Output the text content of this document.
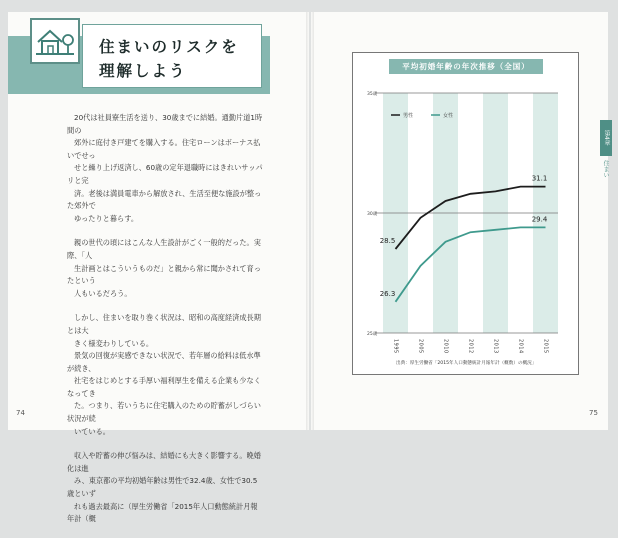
住まいのリスクを
理解しよう
20代は社員寮生活を送り、30歳までに結婚。通勤片道1時間の
郊外に庭付き戸建てを購入する。住宅ローンはボーナス払いでせっ
せと繰り上げ返済し、60歳の定年退職時にはきれいサッパリと完
済。老後は満員電車から解放され、生活至便な施設が整った郊外で
ゆったりと暮らす。
親の世代の頃にはこんな人生設計がごく一般的だった。実際、「人
生計画とはこういうものだ」と親から常に聞かされて育ったという
人もいるだろう。
しかし、住まいを取り巻く状況は、昭和の高度経済成長期とは大
きく様変わりしている。
景気の回復が実感できない状況で、若年層の給料は低水準が続き、
社宅をはじめとする手厚い福利厚生を備える企業も少なくなってき
た。つまり、若いうちに住宅購入のための貯蓄がしづらい状況が続
いている。
収入や貯蓄の伸び悩みは、結婚にも大きく影響する。晩婚化は進
み、東京都の平均初婚年齢は男性で32.4歳、女性で30.5歳といず
れも過去最高に（厚生労働省「2015年人口動態統計月報年計（概
74	75
第4章
住まい
平均初婚年齢の年次推移（全国）
25歳
30歳
35歳
1995	2005	2010	2012	2013	2014	2015
男性	女性
28.5
31.1
26.3
29.4
出典：厚生労働省「2015年人口動態統計月報年計（概数）の概況」
